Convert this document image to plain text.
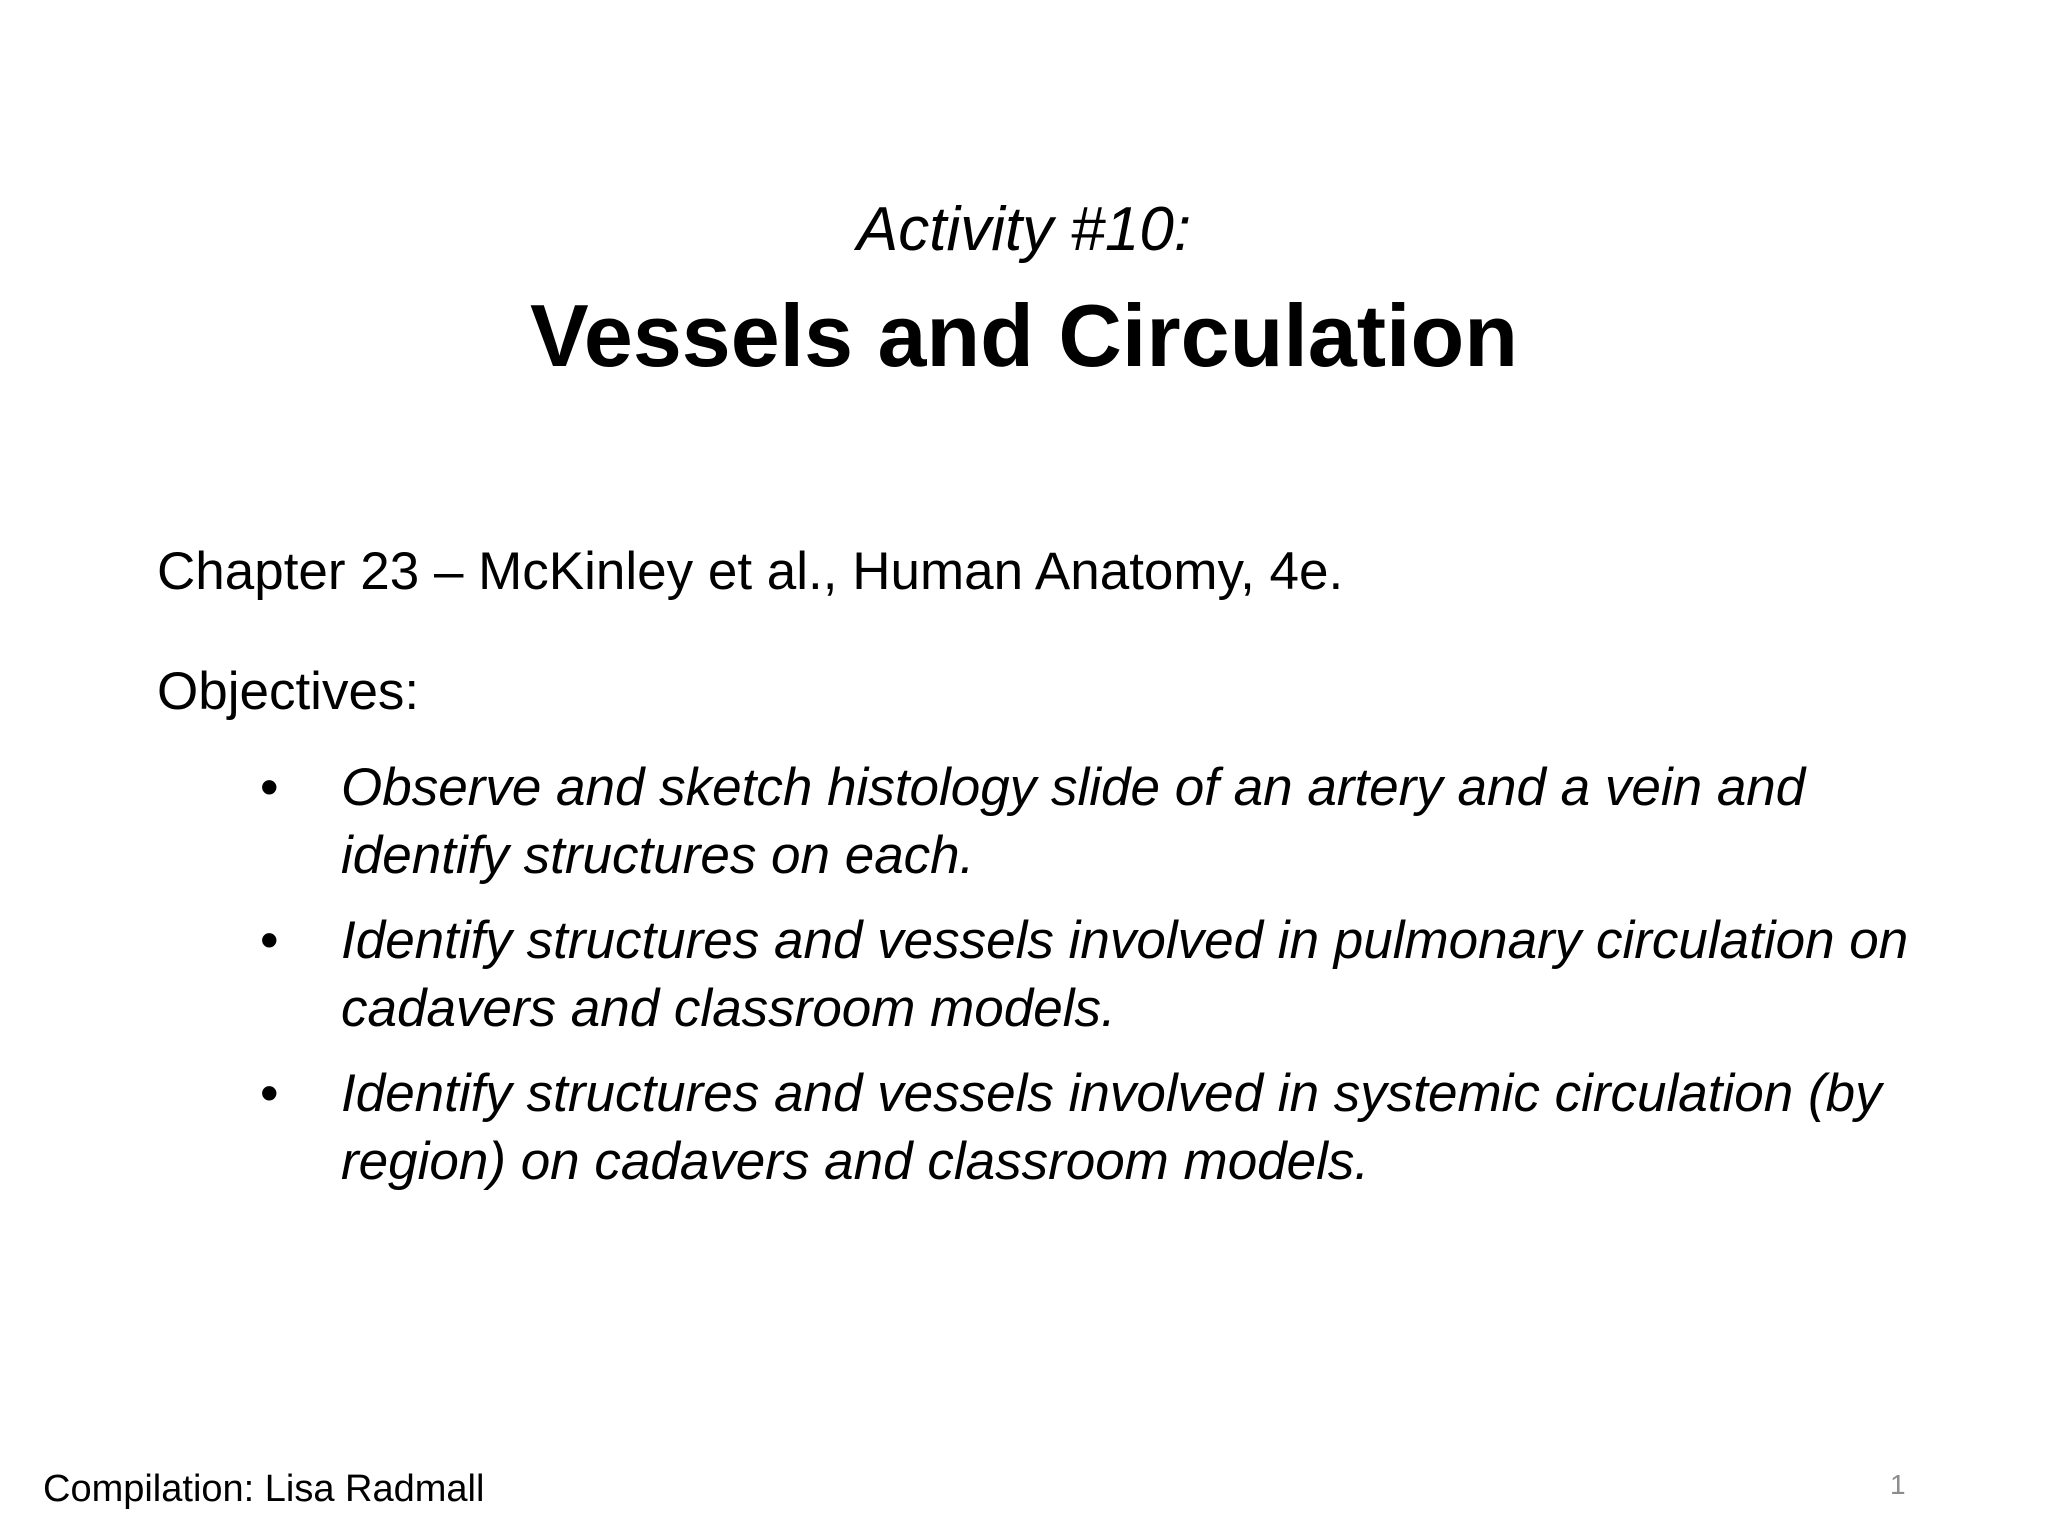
Activity #10:
Vessels and Circulation
Chapter 23 – McKinley et al., Human Anatomy, 4e.
Objectives:
• Observe and sketch histology slide of an artery and a vein and identify structures on each.
• Identify structures and vessels involved in pulmonary circulation on cadavers and classroom models.
• Identify structures and vessels involved in systemic circulation (by region) on cadavers and classroom models.
Compilation: Lisa Radmall	1
